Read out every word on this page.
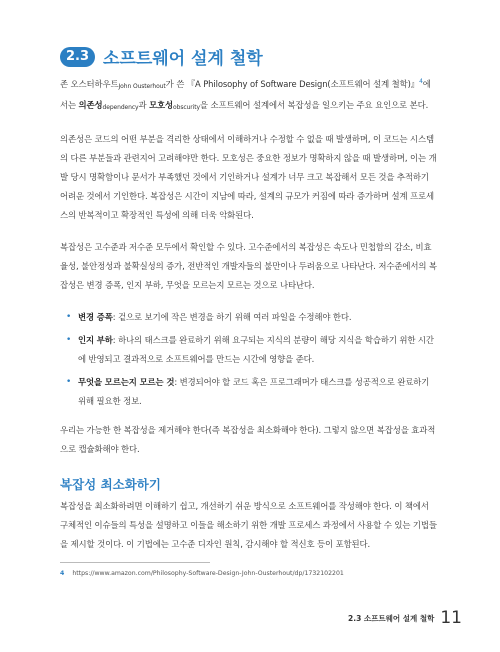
2.3 소프트웨어 설계 철학

존 오스터하우트John Ousterhout가 쓴 『A Philosophy of Software Design(소프트웨어 설계 철학)』$^4$에서는 의존성dependency과 모호성obscurity을 소프트웨어 설계에서 복잡성을 일으키는 주요 요인으로 본다.

의존성은 코드의 어떤 부분을 격리한 상태에서 이해하거나 수정할 수 없을 때 발생하며, 이 코드는 시스템의 다른 부분들과 관련지어 고려해야만 한다. 모호성은 중요한 정보가 명확하지 않을 때 발생하며, 이는 개발 당시 명확함이나 문서가 부족했던 것에서 기인하거나 설계가 너무 크고 복잡해서 모든 것을 추적하기 어려운 것에서 기인한다. 복잡성은 시간이 지남에 따라, 설계의 규모가 커짐에 따라 증가하며 설계 프로세스의 반복적이고 확장적인 특성에 의해 더욱 악화된다.

복잡성은 고수준과 저수준 모두에서 확인할 수 있다. 고수준에서의 복잡성은 속도나 민첩함의 감소, 비효율성, 불안정성과 불확실성의 증가, 전반적인 개발자들의 불만이나 두려움으로 나타난다. 저수준에서의 복잡성은 변경 증폭, 인지 부하, 무엇을 모르는지 모르는 것으로 나타난다.

• 변경 증폭: 겉으로 보기에 작은 변경을 하기 위해 여러 파일을 수정해야 한다.
• 인지 부하: 하나의 태스크를 완료하기 위해 요구되는 지식의 분량이 해당 지식을 학습하기 위한 시간에 반영되고 결과적으로 소프트웨어를 만드는 시간에 영향을 준다.
• 무엇을 모르는지 모르는 것: 변경되어야 할 코드 혹은 프로그래머가 태스크를 성공적으로 완료하기 위해 필요한 정보.

우리는 가능한 한 복잡성을 제거해야 한다(즉 복잡성을 최소화해야 한다). 그렇지 않으면 복잡성을 효과적으로 캡슐화해야 한다.

복잡성 최소화하기

복잡성을 최소화하려면 이해하기 쉽고, 개선하기 쉬운 방식으로 소프트웨어를 작성해야 한다. 이 책에서 구체적인 이슈들의 특성을 설명하고 이들을 해소하기 위한 개발 프로세스 과정에서 사용할 수 있는 기법들을 제시할 것이다. 이 기법에는 고수준 디자인 원칙, 감시해야 할 적신호 등이 포함된다.

4 https://www.amazon.com/Philosophy-Software-Design-John-Ousterhout/dp/1732102201
2.3 소프트웨어 설계 철학 11
